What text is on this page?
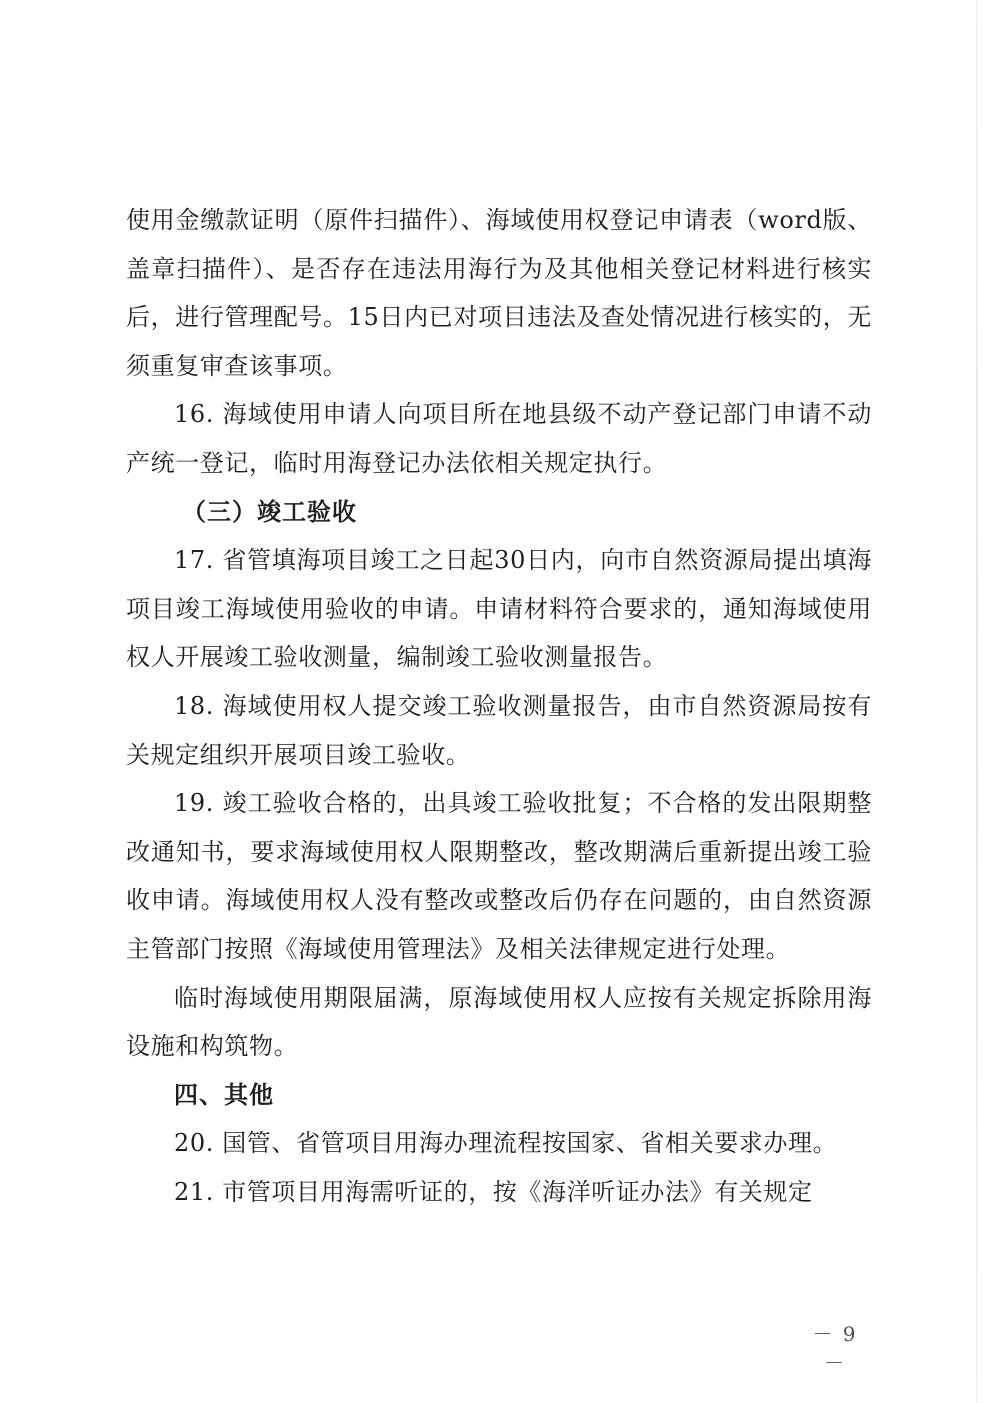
使用金缴款证明（原件扫描件）、海域使用权登记申请表（word版、盖章扫描件）、是否存在违法用海行为及其他相关登记材料进行核实后，进行管理配号。15日内已对项目违法及查处情况进行核实的，无须重复审查该事项。

16. 海域使用申请人向项目所在地县级不动产登记部门申请不动产统一登记，临时用海登记办法依相关规定执行。

（三）竣工验收

17. 省管填海项目竣工之日起30日内，向市自然资源局提出填海项目竣工海域使用验收的申请。申请材料符合要求的，通知海域使用权人开展竣工验收测量，编制竣工验收测量报告。

18. 海域使用权人提交竣工验收测量报告，由市自然资源局按有关规定组织开展项目竣工验收。

19. 竣工验收合格的，出具竣工验收批复；不合格的发出限期整改通知书，要求海域使用权人限期整改，整改期满后重新提出竣工验收申请。海域使用权人没有整改或整改后仍存在问题的，由自然资源主管部门按照《海域使用管理法》及相关法律规定进行处理。

临时海域使用期限届满，原海域使用权人应按有关规定拆除用海设施和构筑物。

四、其他

20. 国管、省管项目用海办理流程按国家、省相关要求办理。

21. 市管项目用海需听证的，按《海洋听证办法》有关规定

－ 9 －
